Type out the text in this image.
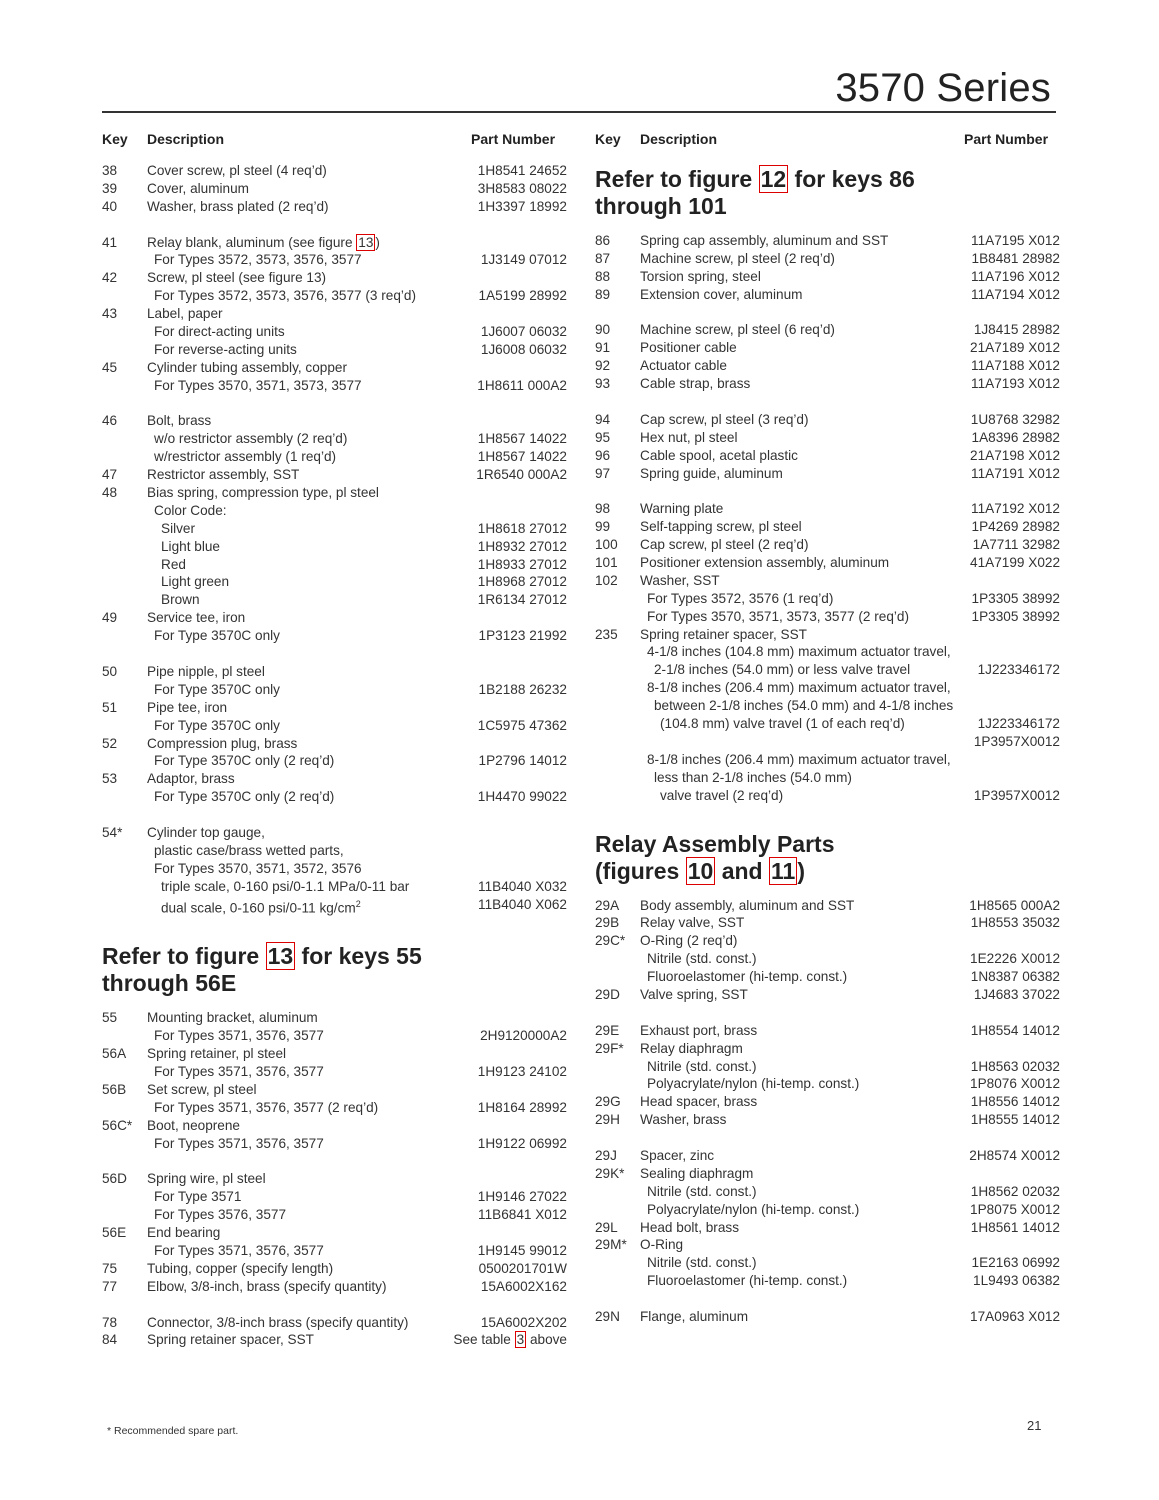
3570 Series
Key	Description	Part Number
38	Cover screw, pl steel (4 req’d)	1H8541 24652
39	Cover, aluminum	3H8583 08022
40	Washer, brass plated (2 req’d)	1H3397 18992
41	Relay blank, aluminum (see figure 13 )
For Types 3572, 3573, 3576, 3577	1J3149 07012
42	Screw, pl steel (see figure 13)
For Types 3572, 3573, 3576, 3577 (3 req’d)	1A5199 28992
43	Label, paper
For direct-acting units	1J6007 06032
For reverse-acting units	1J6008 06032
45	Cylinder tubing assembly, copper
For Types 3570, 3571, 3573, 3577	1H8611 000A2
46	Bolt, brass
w/o restrictor assembly (2 req’d)	1H8567 14022
w/restrictor assembly (1 req’d)	1H8567 14022
47	Restrictor assembly, SST	1R6540 000A2
48	Bias spring, compression type, pl steel
Color Code:
Silver	1H8618 27012
Light blue	1H8932 27012
Red	1H8933 27012
Light green	1H8968 27012
Brown	1R6134 27012
49	Service tee, iron
For Type 3570C only	1P3123 21992
50	Pipe nipple, pl steel
For Type 3570C only	1B2188 26232
51	Pipe tee, iron
For Type 3570C only	1C5975 47362
52	Compression plug, brass
For Type 3570C only (2 req’d)	1P2796 14012
53	Adaptor, brass
For Type 3570C only (2 req’d)	1H4470 99022
54*	Cylinder top gauge,
plastic case/brass wetted parts,
For Types 3570, 3571, 3572, 3576
triple scale, 0-160 psi/0-1.1 MPa/0-11 bar	11B4040 X032
dual scale, 0-160 psi/0-11 $kg/cm^2$	11B4040 X062
Refer to figure 13 for keys 55
through 56E
55	Mounting bracket, aluminum
For Types 3571, 3576, 3577	2H9120000A2
56A	Spring retainer, pl steel
For Types 3571, 3576, 3577	1H9123 24102
56B	Set screw, pl steel
For Types 3571, 3576, 3577 (2 req’d)	1H8164 28992
56C*	Boot, neoprene
For Types 3571, 3576, 3577	1H9122 06992
56D	Spring wire, pl steel
For Type 3571	1H9146 27022
For Types 3576, 3577	11B6841 X012
56E	End bearing
For Types 3571, 3576, 3577	1H9145 99012
75	Tubing, copper (specify length)	0500201701W
77	Elbow, 3/8-inch, brass (specify quantity)	15A6002X162
78	Connector, 3/8-inch brass (specify quantity)	15A6002X202
84	Spring retainer spacer, SST	See table 3 above
Key	Description	Part Number
Refer to figure 12 for keys 86
through 101
86	Spring cap assembly, aluminum and SST	11A7195 X012
87	Machine screw, pl steel (2 req’d)	1B8481 28982
88	Torsion spring, steel	11A7196 X012
89	Extension cover, aluminum	11A7194 X012
90	Machine screw, pl steel (6 req’d)	1J8415 28982
91	Positioner cable	21A7189 X012
92	Actuator cable	11A7188 X012
93	Cable strap, brass	11A7193 X012
94	Cap screw, pl steel (3 req’d)	1U8768 32982
95	Hex nut, pl steel	1A8396 28982
96	Cable spool, acetal plastic	21A7198 X012
97	Spring guide, aluminum	11A7191 X012
98	Warning plate	11A7192 X012
99	Self-tapping screw, pl steel	1P4269 28982
100	Cap screw, pl steel (2 req’d)	1A7711 32982
101	Positioner extension assembly, aluminum	41A7199 X022
102	Washer, SST
For Types 3572, 3576 (1 req’d)	1P3305 38992
For Types 3570, 3571, 3573, 3577 (2 req’d)	1P3305 38992
235	Spring retainer spacer, SST
4-1/8 inches (104.8 mm) maximum actuator travel,
2-1/8 inches (54.0 mm) or less valve travel	1J223346172
8-1/8 inches (206.4 mm) maximum actuator travel,
between 2-1/8 inches (54.0 mm) and 4-1/8 inches
(104.8 mm) valve travel (1 of each req’d)	1J223346172
1P3957X0012
8-1/8 inches (206.4 mm) maximum actuator travel,
less than 2-1/8 inches (54.0 mm)
valve travel (2 req’d)	1P3957X0012
Relay Assembly Parts
(figures 10 and 11)
29A	Body assembly, aluminum and SST	1H8565 000A2
29B	Relay valve, SST	1H8553 35032
29C*	O-Ring (2 req’d)
Nitrile (std. const.)	1E2226 X0012
Fluoroelastomer (hi-temp. const.)	1N8387 06382
29D	Valve spring, SST	1J4683 37022
29E	Exhaust port, brass	1H8554 14012
29F*	Relay diaphragm
Nitrile (std. const.)	1H8563 02032
Polyacrylate/nylon (hi-temp. const.)	1P8076 X0012
29G	Head spacer, brass	1H8556 14012
29H	Washer, brass	1H8555 14012
29J	Spacer, zinc	2H8574 X0012
29K*	Sealing diaphragm
Nitrile (std. const.)	1H8562 02032
Polyacrylate/nylon (hi-temp. const.)	1P8075 X0012
29L	Head bolt, brass	1H8561 14012
29M* O-Ring
Nitrile (std. const.)	1E2163 06992
Fluoroelastomer (hi-temp. const.)	1L9493 06382
29N	Flange, aluminum	17A0963 X012
* Recommended spare part.	21
